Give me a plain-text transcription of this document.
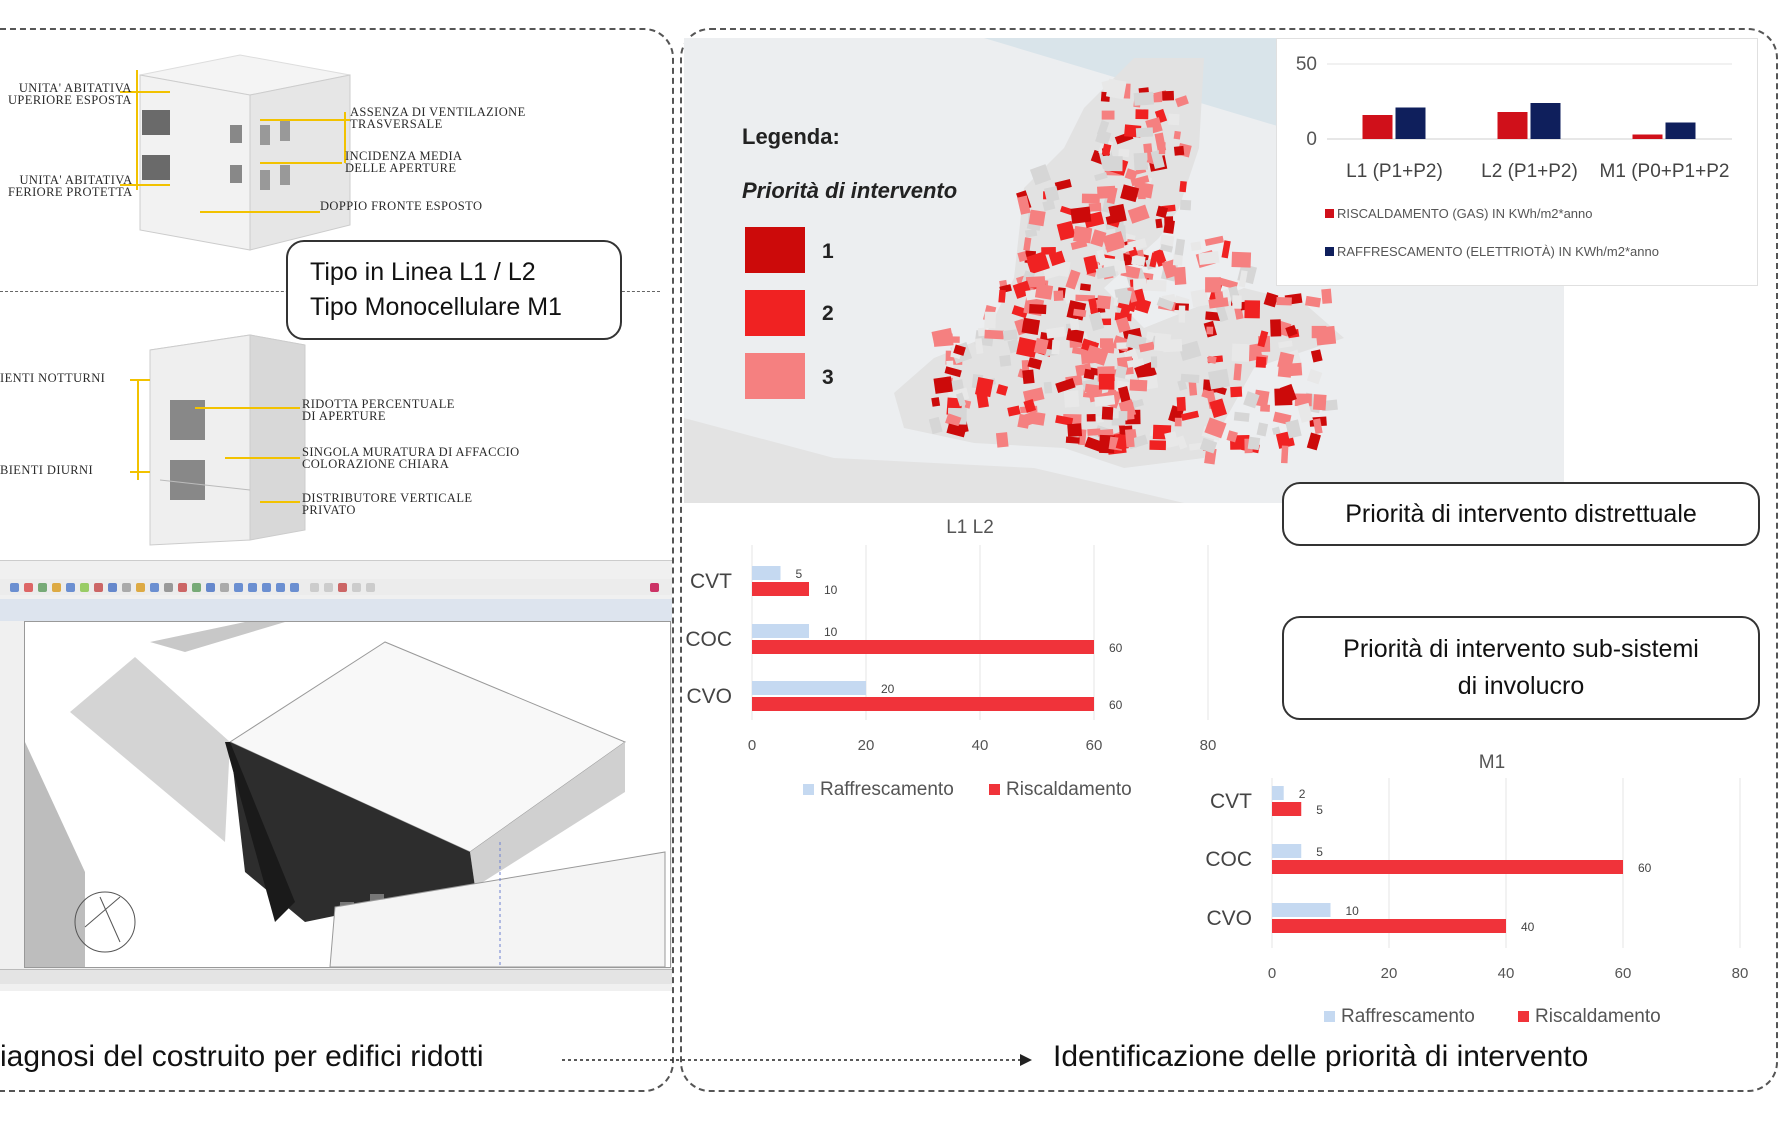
UNITA' ABITATIVA
UPERIORE ESPOSTA
UNITA' ABITATIVA
FERIORE PROTETTA
ASSENZA DI VENTILAZIONE
TRASVERSALE
INCIDENZA MEDIA
DELLE APERTURE
DOPPIO FRONTE ESPOSTO
Tipo in Linea L1 / L2
Tipo Monocellulare M1
IENTI NOTTURNI
BIENTI DIURNI
RIDOTTA PERCENTUALE
DI APERTURE
SINGOLA MURATURA DI AFFACCIO
COLORAZIONE CHIARA
DISTRIBUTORE VERTICALE
PRIVATO
iagnosi del costruito per edifici ridotti
Legenda:
Priorità di intervento
1
2
3
50
0
L1 (P1+P2) L2 (P1+P2) M1 (P0+P1+P2
RISCALDAMENTO (GAS) IN KWh/m2*anno
RAFFRESCAMENTO (ELETTRIOTÀ) IN KWh/m2*anno
Priorità di intervento distrettuale
Priorità di intervento sub-sistemi
di involucro
L1 L2
0	20	40	60	80
CVT	5
10
COC	10
60
CVO	20
60
Raffrescamento	Riscaldamento
M1
0	20	40	60	80
CVT	2
5
COC	5
60
CVO	10
40
Raffrescamento	Riscaldamento
Identificazione delle priorità di intervento
